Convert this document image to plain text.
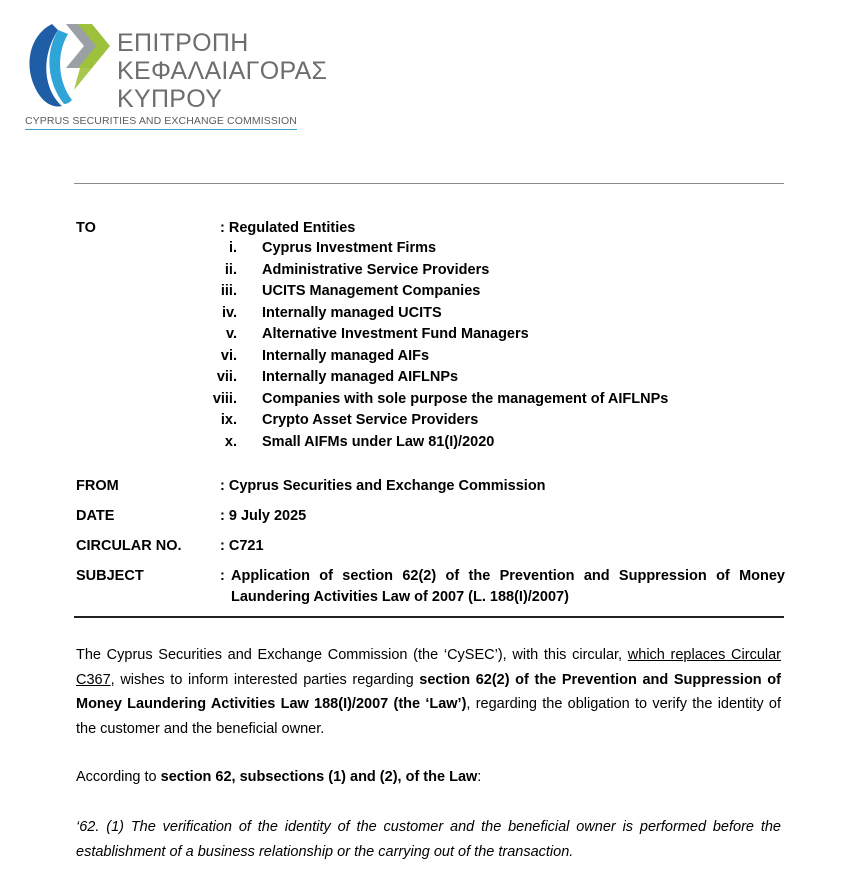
ΕΠΙΤΡΟΠΗ
ΚΕΦΑΛΑΙΑΓΟΡΑΣ
ΚΥΠΡΟΥ
CYPRUS SECURITIES AND EXCHANGE COMMISSION
TO	: Regulated Entities
i.	Cyprus Investment Firms
ii.	Administrative Service Providers
iii.	UCITS Management Companies
iv.	Internally managed UCITS
v.	Alternative Investment Fund Managers
vi.	Internally managed AIFs
vii.	Internally managed AIFLNPs
viii.	Companies with sole purpose the management of AIFLNPs
ix.	Crypto Asset Service Providers
x.	Small AIFMs under Law 81(I)/2020
FROM	: Cyprus Securities and Exchange Commission
DATE	: 9 July 2025
CIRCULAR NO.	: C721
SUBJECT	: Application of section 62(2) of the Prevention and Suppression of Money Laundering Activities Law of 2007 (L. 188(I)/2007)

The Cyprus Securities and Exchange Commission (the ‘CySEC’), with this circular, which replaces Circular C367, wishes to inform interested parties regarding section 62(2) of the Prevention and Suppression of Money Laundering Activities Law 188(I)/2007 (the ‘Law’), regarding the obligation to verify the identity of the customer and the beneficial owner.

According to section 62, subsections (1) and (2), of the Law:

‘62. (1) The verification of the identity of the customer and the beneficial owner is performed before the establishment of a business relationship or the carrying out of the transaction.
